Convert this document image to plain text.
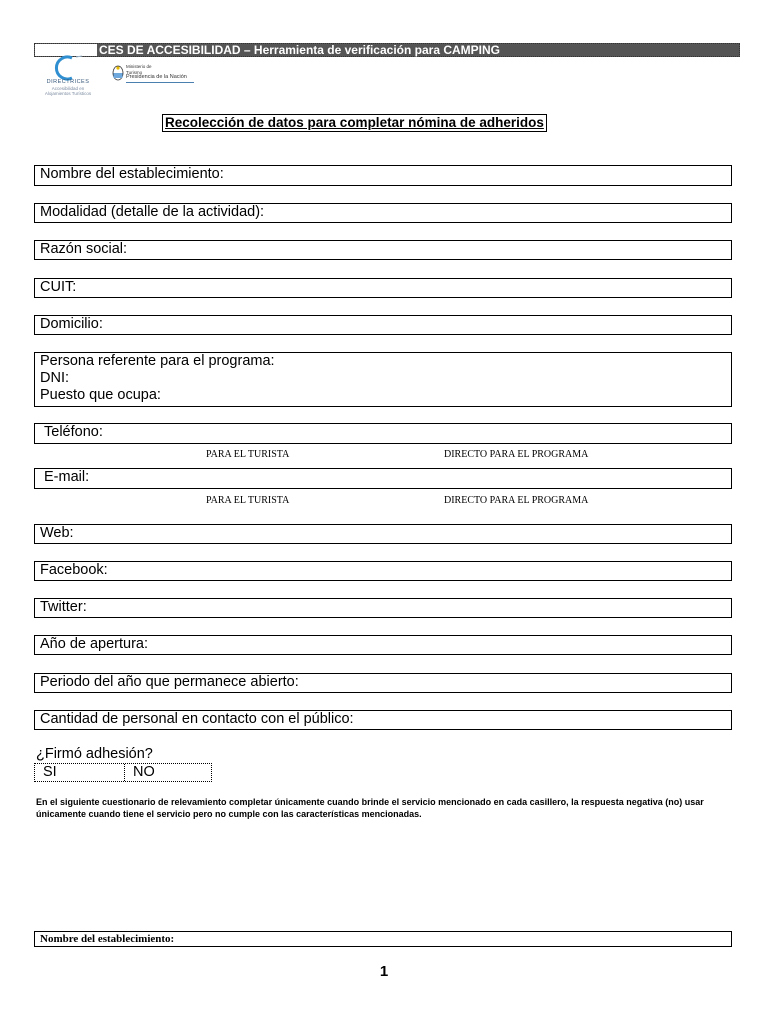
CES DE ACCESIBILIDAD – Herramienta de verificación para CAMPING
DIRECTRICES
Accesibilidad en
Alojamientos Turísticos
Ministerio de
Turismo
Presidencia de la Nación
Recolección de datos para completar nómina de adheridos
Nombre del establecimiento:
Modalidad (detalle de la actividad):
Razón social:
CUIT:
Domicilio:
Persona referente para el programa:
DNI:
Puesto que ocupa:
Teléfono:
PARA EL TURISTA	DIRECTO PARA EL PROGRAMA
E-mail:
PARA EL TURISTA	DIRECTO PARA EL PROGRAMA
Web:
Facebook:
Twitter:
Año de apertura:
Periodo del año que permanece abierto:
Cantidad de personal en contacto con el público:
¿Firmó adhesión?
SI	NO
En el siguiente cuestionario de relevamiento completar únicamente cuando brinde el servicio mencionado en cada casillero, la respuesta negativa (no) usar únicamente cuando tiene el servicio pero no cumple con las características mencionadas.
Nombre del establecimiento:
1
